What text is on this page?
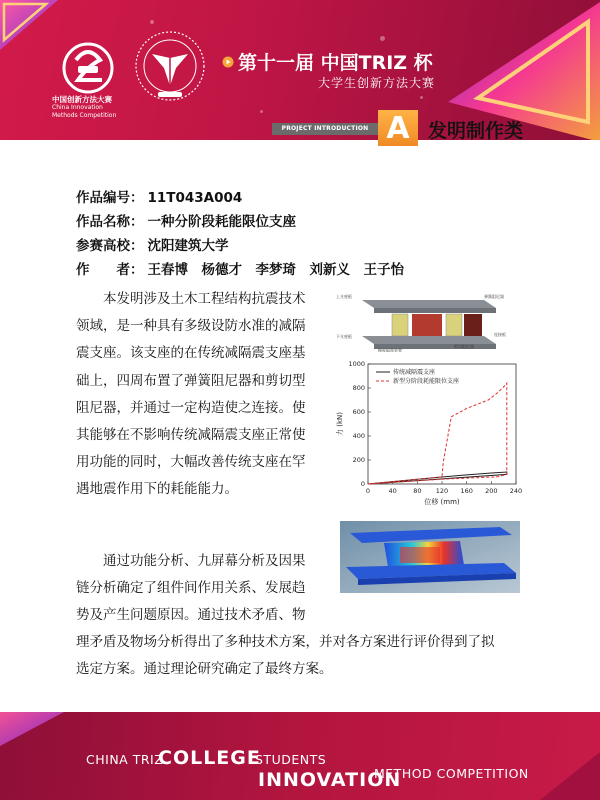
中国创新方法大赛
China Innovation
Methods Competition
第十一届 中国TRIZ 杯
大学生创新方法大赛
PROJECT INTRODUCTION A 发明制作类
作品编号： 11T043A004
作品名称： 一种分阶段耗能限位支座
参赛高校： 沈阳建筑大学
作　　者： 王春博　杨德才　李梦琦　刘新义　王子怡

本发明涉及土木工程结构抗震技术

领域，是一种具有多级设防水准的减隔

震支座。该支座的在传统减隔震支座基

础上，四周布置了弹簧阻尼器和剪切型

阻尼器，并通过一定构造使之连接。使

其能够在不影响传统减隔震支座正常使

用功能的同时，大幅改善传统支座在罕

遇地震作用下的耗能能力。

通过功能分析、九屏幕分析及因果

链分析确定了组件间作用关系、发展趋

势及产生问题原因。通过技术矛盾、物

理矛盾及物场分析得出了多种技术方案，并对各方案进行评价得到了拟

选定方案。通过理论研究确定了最终方案。

上支座板
下支座板
橡胶隔震装置
剪切阻尼器
弹簧阻尼器
连接板
0	40	80 120 160 200 240
0
200
400
600
800
1000
位移 (mm)
力 (kN)
传统减隔震支座
新型分阶段耗能限位支座
CHINA TRIZ
COLLEGE
STUDENTS
INNOVATION
METHOD COMPETITION
